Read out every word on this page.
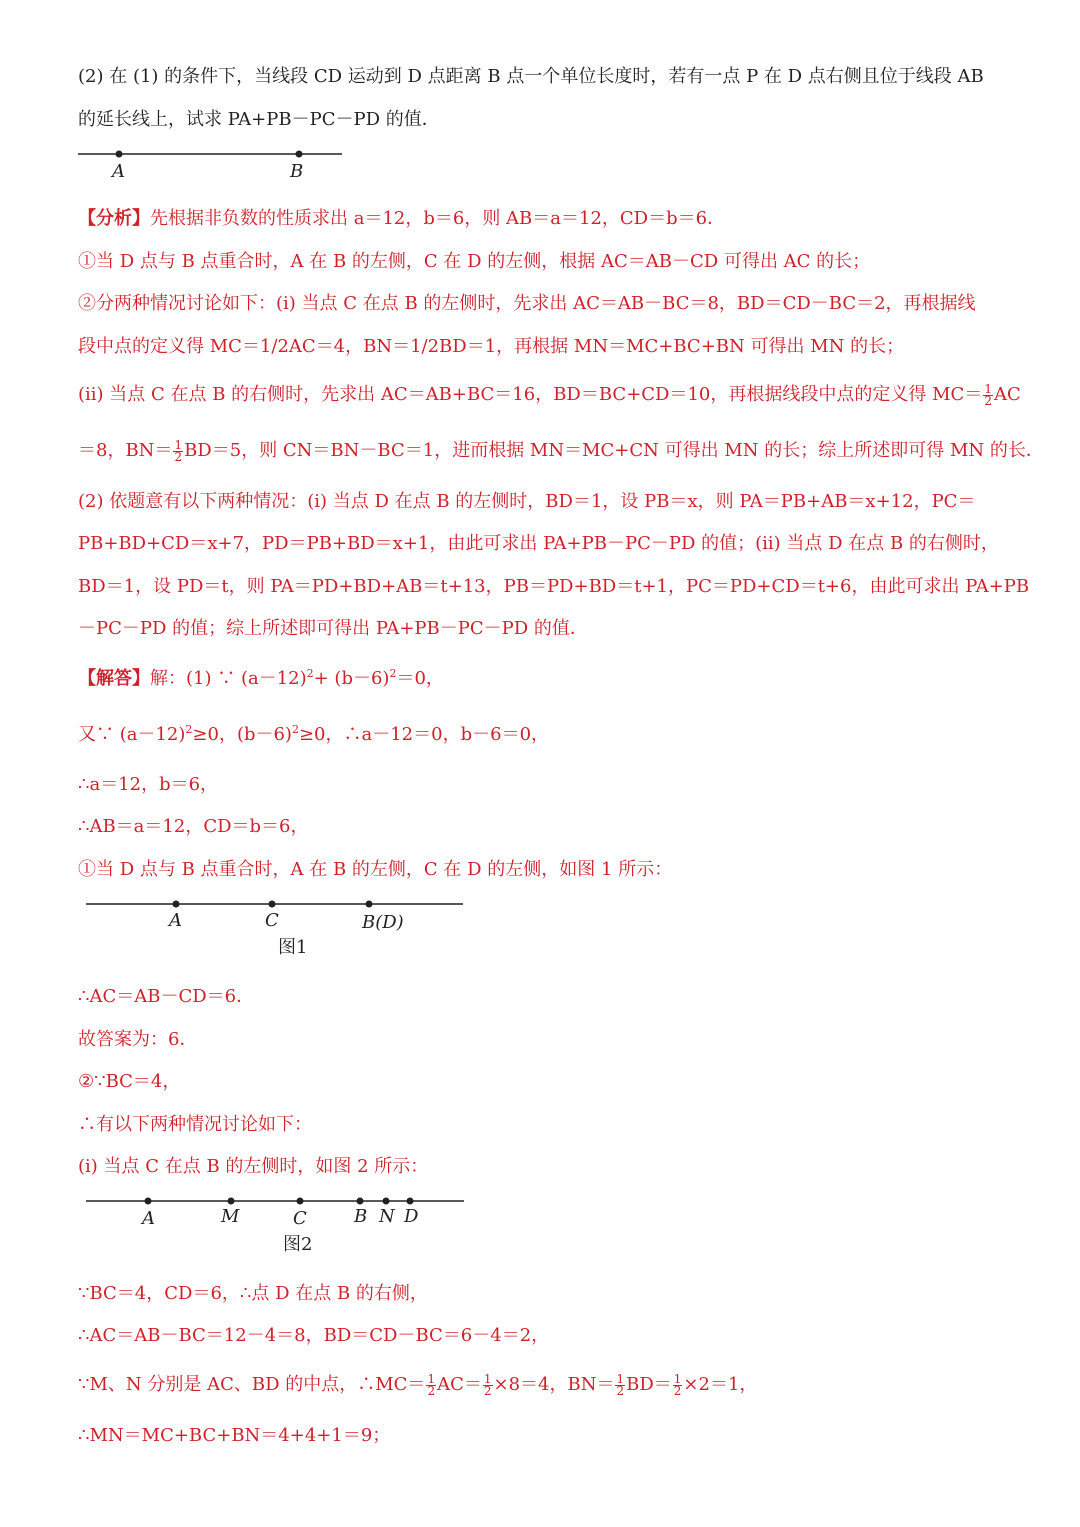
(2) 在 (1) 的条件下，当线段 CD 运动到 D 点距离 B 点一个单位长度时，若有一点 P 在 D 点右侧且位于线段 AB
的延长线上，试求 PA+PB－PC－PD 的值．
A	B
【分析】先根据非负数的性质求出 a＝12，b＝6，则 AB＝a＝12，CD＝b＝6．
①当 D 点与 B 点重合时，A 在 B 的左侧，C 在 D 的左侧，根据 AC＝AB－CD 可得出 AC 的长；
②分两种情况讨论如下：(ⅰ) 当点 C 在点 B 的左侧时，先求出 AC＝AB－BC＝8，BD＝CD－BC＝2，再根据线
段中点的定义得 MC＝1/2AC＝4，BN＝1/2BD＝1，再根据 MN＝MC+BC+BN 可得出 MN 的长；
(ⅱ) 当点 C 在点 B 的右侧时，先求出 AC＝AB+BC＝16，BD＝BC+CD＝10，再根据线段中点的定义得 $MC= \frac{1}{2}$ AC
＝8，$BN= \frac{1}{2} BD=5$，则 CN＝BN－BC＝1，进而根据 MN＝MC+CN 可得出 MN 的长；综上所述即可得 MN 的长．
(2) 依题意有以下两种情况：(ⅰ) 当点 D 在点 B 的左侧时，BD＝1，设 PB＝x，则 PA＝PB+AB＝x+12，PC＝
PB+BD+CD＝x+7，PD＝PB+BD＝x+1，由此可求出 PA+PB－PC－PD 的值；(ⅱ) 当点 D 在点 B 的右侧时，
BD＝1，设 PD＝t，则 PA＝PD+BD+AB＝t+13，PB＝PD+BD＝t+1，PC＝PD+CD＝t+6，由此可求出 PA+PB
－PC－PD 的值；综上所述即可得出 PA+PB－PC－PD 的值．
【解答】解：(1) ∵ $(a-12)^2+ (b-6)^2=0$，
又∵ $(a-12)^2\ge 0$，$(b-6)^2\ge 0$，∴a－12＝0，b－6＝0，
∴a＝12，b＝6，
∴AB＝a＝12，CD＝b＝6，
①当 D 点与 B 点重合时，A 在 B 的左侧，C 在 D 的左侧，如图 1 所示：
A	C	B(D)
图1
∴AC＝AB－CD＝6．
故答案为：6．
②∵BC＝4，
∴有以下两种情况讨论如下：
(ⅰ) 当点 C 在点 B 的左侧时，如图 2 所示：
A	M	C	B N D
图2
∵BC＝4，CD＝6，∴点 D 在点 B 的右侧，
∴AC＝AB－BC＝12－4＝8，BD＝CD－BC＝6－4＝2，
∵M、N 分别是 AC、BD 的中点，∴MC＝ $\frac{1}{2} AC= \frac{1}{2} \times 8=4$，$BN= \frac{1}{2} BD= \frac{1}{2} \times 2=1$，
∴MN＝MC+BC+BN＝4+4+1＝9；
